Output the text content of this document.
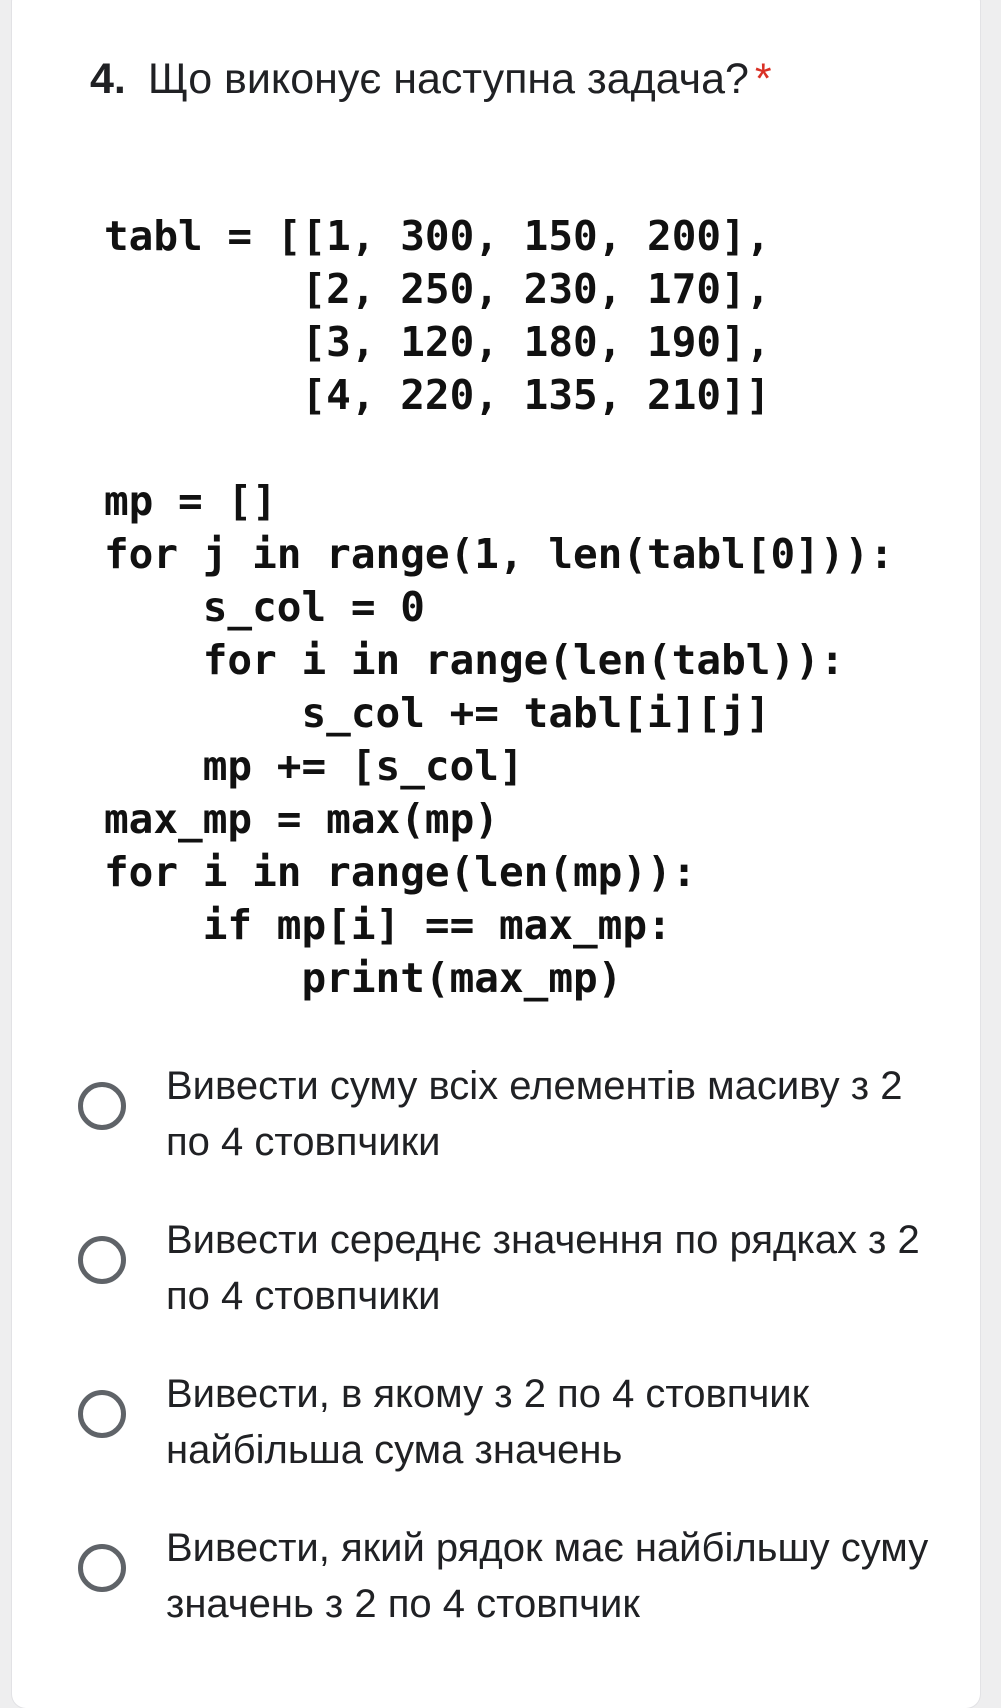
4. Що виконує наступна задача? *
tabl = [[1, 300, 150, 200],
[2, 250, 230, 170],
[3, 120, 180, 190],
[4, 220, 135, 210]]
mp = []
for j in range(1, len(tabl[0])):
s_col = 0
for i in range(len(tabl)):
s_col += tabl[i][j]
mp += [s_col]
max_mp = max(mp)
for i in range(len(mp)):
if mp[i] == max_mp:
print(max_mp)
Вивести суму всіх елементів масиву з 2 по 4 стовпчики
Вивести середнє значення по рядках з 2 по 4 стовпчики
Вивести, в якому з 2 по 4 стовпчик найбільша сума значень
Вивести, який рядок має найбільшу суму значень з 2 по 4 стовпчик
